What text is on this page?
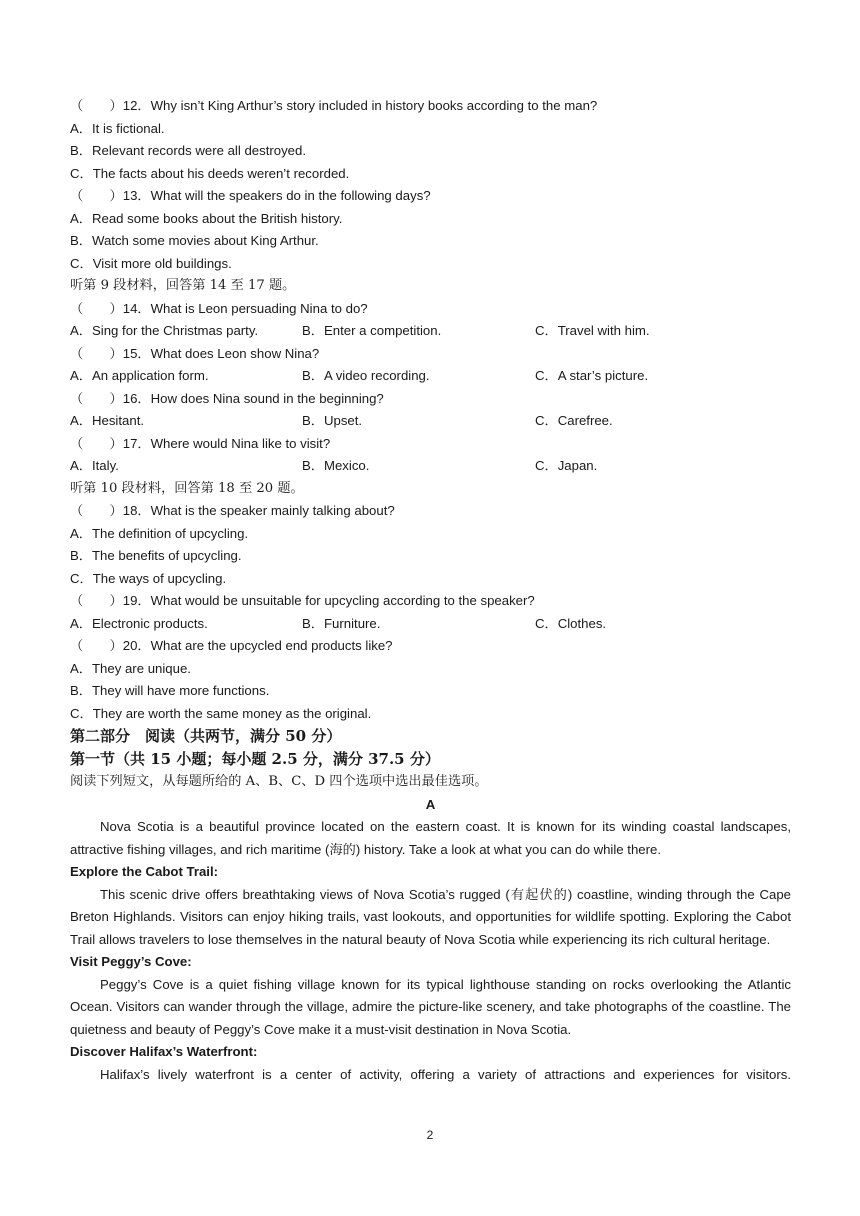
（　　）12．Why isn’t King Arthur’s story included in history books according to the man?
A．It is fictional.
B．Relevant records were all destroyed.
C．The facts about his deeds weren’t recorded.
（　　）13．What will the speakers do in the following days?
A．Read some books about the British history.
B．Watch some movies about King Arthur.
C．Visit more old buildings.
听第 9 段材料，回答第 14 至 17 题。
（　　）14．What is Leon persuading Nina to do?
A．Sing for the Christmas party.	B．Enter a competition.	C．Travel with him.
（　　）15．What does Leon show Nina?
A．An application form.	B．A video recording.	C．A star’s picture.
（　　）16．How does Nina sound in the beginning?
A．Hesitant.	B．Upset.	C．Carefree.
（　　）17．Where would Nina like to visit?
A．Italy.	B．Mexico.	C．Japan.
听第 10 段材料，回答第 18 至 20 题。
（　　）18．What is the speaker mainly talking about?
A．The definition of upcycling.
B．The benefits of upcycling.
C．The ways of upcycling.
（　　）19．What would be unsuitable for upcycling according to the speaker?
A．Electronic products.	B．Furniture.	C．Clothes.
（　　）20．What are the upcycled end products like?
A．They are unique.
B．They will have more functions.
C．They are worth the same money as the original.
第二部分　阅读（共两节，满分 50 分）
第一节（共 15 小题；每小题 2.5 分，满分 37.5 分）
阅读下列短文，从每题所给的 A、B、C、D 四个选项中选出最佳选项。
A
Nova Scotia is a beautiful province located on the eastern coast. It is known for its winding coastal landscapes, attractive fishing villages, and rich maritime (海的) history. Take a look at what you can do while there.
Explore the Cabot Trail:
This scenic drive offers breathtaking views of Nova Scotia’s rugged (有起伏的) coastline, winding through the Cape Breton Highlands. Visitors can enjoy hiking trails, vast lookouts, and opportunities for wildlife spotting. Exploring the Cabot Trail allows travelers to lose themselves in the natural beauty of Nova Scotia while experiencing its rich cultural heritage.
Visit Peggy’s Cove:
Peggy’s Cove is a quiet fishing village known for its typical lighthouse standing on rocks overlooking the Atlantic Ocean. Visitors can wander through the village, admire the picture-like scenery, and take photographs of the coastline. The quietness and beauty of Peggy’s Cove make it a must-visit destination in Nova Scotia.
Discover Halifax’s Waterfront:
Halifax’s lively waterfront is a center of activity, offering a variety of attractions and experiences for visitors.
2
